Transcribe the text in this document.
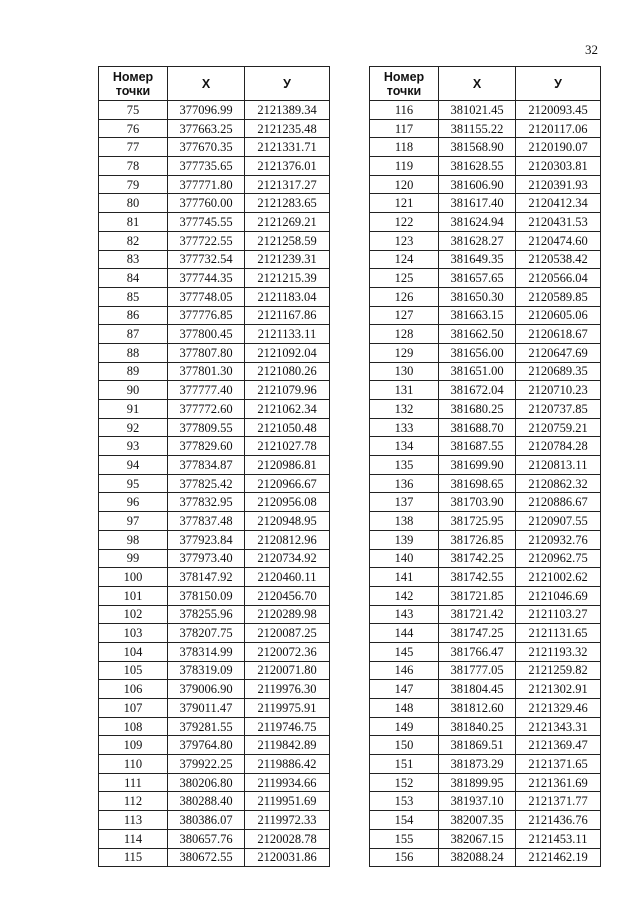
32
Номер точки	X	У
75	377096.99	2121389.34
76	377663.25	2121235.48
77	377670.35	2121331.71
78	377735.65	2121376.01
79	377771.80	2121317.27
80	377760.00	2121283.65
81	377745.55	2121269.21
82	377722.55	2121258.59
83	377732.54	2121239.31
84	377744.35	2121215.39
85	377748.05	2121183.04
86	377776.85	2121167.86
87	377800.45	2121133.11
88	377807.80	2121092.04
89	377801.30	2121080.26
90	377777.40	2121079.96
91	377772.60	2121062.34
92	377809.55	2121050.48
93	377829.60	2121027.78
94	377834.87	2120986.81
95	377825.42	2120966.67
96	377832.95	2120956.08
97	377837.48	2120948.95
98	377923.84	2120812.96
99	377973.40	2120734.92
100	378147.92	2120460.11
101	378150.09	2120456.70
102	378255.96	2120289.98
103	378207.75	2120087.25
104	378314.99	2120072.36
105	378319.09	2120071.80
106	379006.90	2119976.30
107	379011.47	2119975.91
108	379281.55	2119746.75
109	379764.80	2119842.89
110	379922.25	2119886.42
111	380206.80	2119934.66
112	380288.40	2119951.69
113	380386.07	2119972.33
114	380657.76	2120028.78
115	380672.55	2120031.86
Номер точки	X	У
116	381021.45	2120093.45
117	381155.22	2120117.06
118	381568.90	2120190.07
119	381628.55	2120303.81
120	381606.90	2120391.93
121	381617.40	2120412.34
122	381624.94	2120431.53
123	381628.27	2120474.60
124	381649.35	2120538.42
125	381657.65	2120566.04
126	381650.30	2120589.85
127	381663.15	2120605.06
128	381662.50	2120618.67
129	381656.00	2120647.69
130	381651.00	2120689.35
131	381672.04	2120710.23
132	381680.25	2120737.85
133	381688.70	2120759.21
134	381687.55	2120784.28
135	381699.90	2120813.11
136	381698.65	2120862.32
137	381703.90	2120886.67
138	381725.95	2120907.55
139	381726.85	2120932.76
140	381742.25	2120962.75
141	381742.55	2121002.62
142	381721.85	2121046.69
143	381721.42	2121103.27
144	381747.25	2121131.65
145	381766.47	2121193.32
146	381777.05	2121259.82
147	381804.45	2121302.91
148	381812.60	2121329.46
149	381840.25	2121343.31
150	381869.51	2121369.47
151	381873.29	2121371.65
152	381899.95	2121361.69
153	381937.10	2121371.77
154	382007.35	2121436.76
155	382067.15	2121453.11
156	382088.24	2121462.19
